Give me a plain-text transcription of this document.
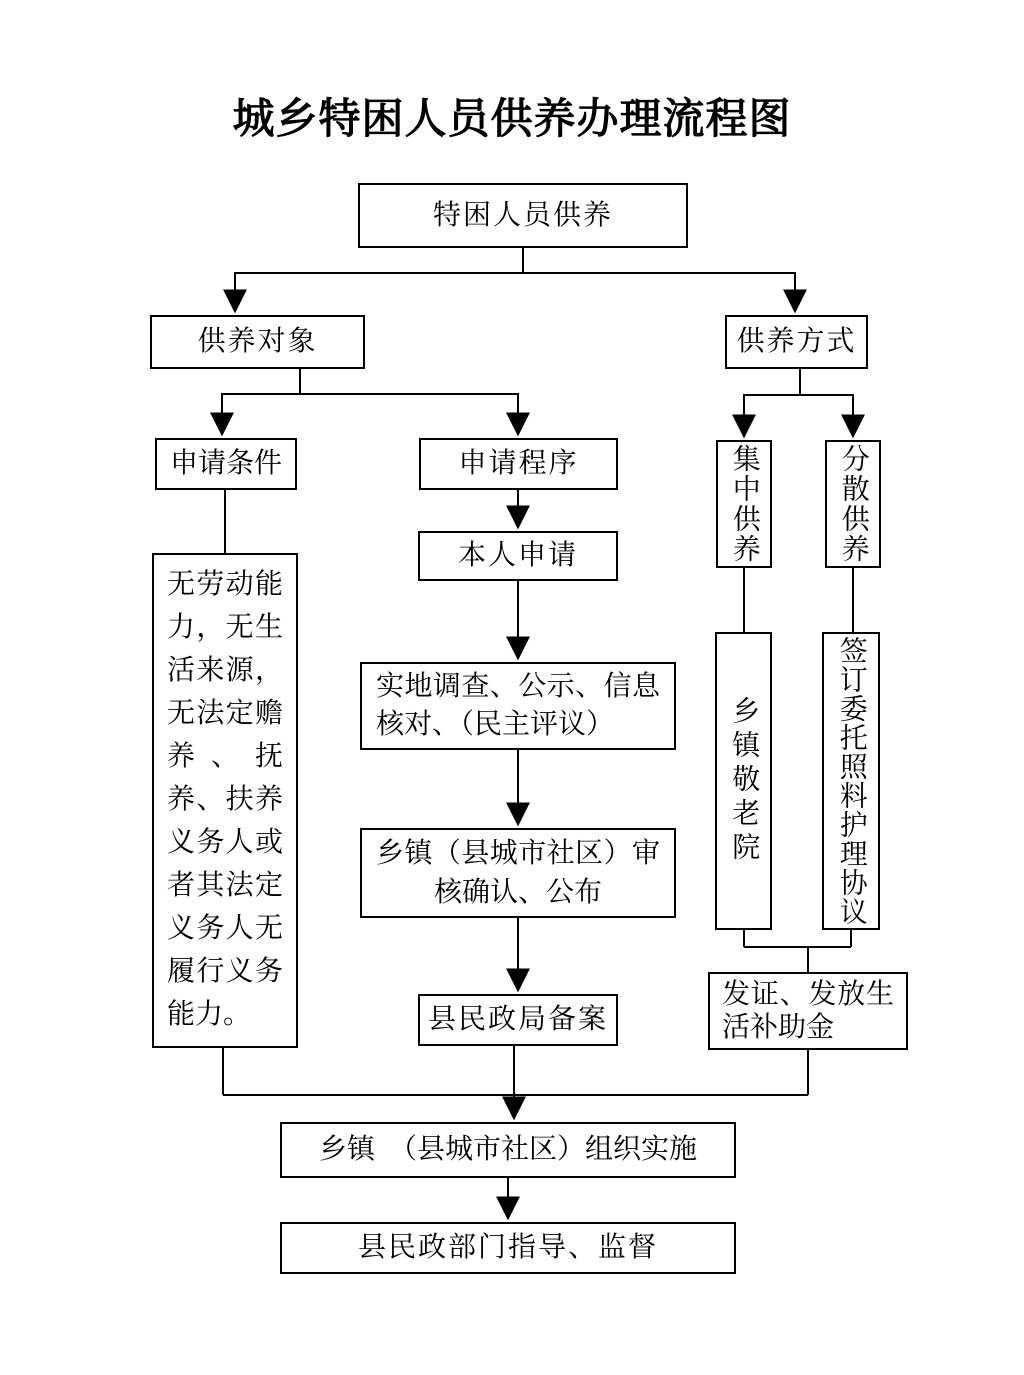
城乡特困人员供养办理流程图
特困人员供养
供养对象	供养方式
申请条件	申请程序	集中供养	分散供养
无劳动能力，无生活来源，无法定赡养、抚养、扶养义务人或者其法定义务人无履行义务能力。
本人申请
实地调查、公示、信息
核对、（民主评议）
乡镇（县城市社区）审
核确认、公布
乡镇敬老院	签订委托照料护理协议
县民政局备案
发证、发放生
活补助金
乡镇　（县城市社区）组织实施
县民政部门指导、监督
